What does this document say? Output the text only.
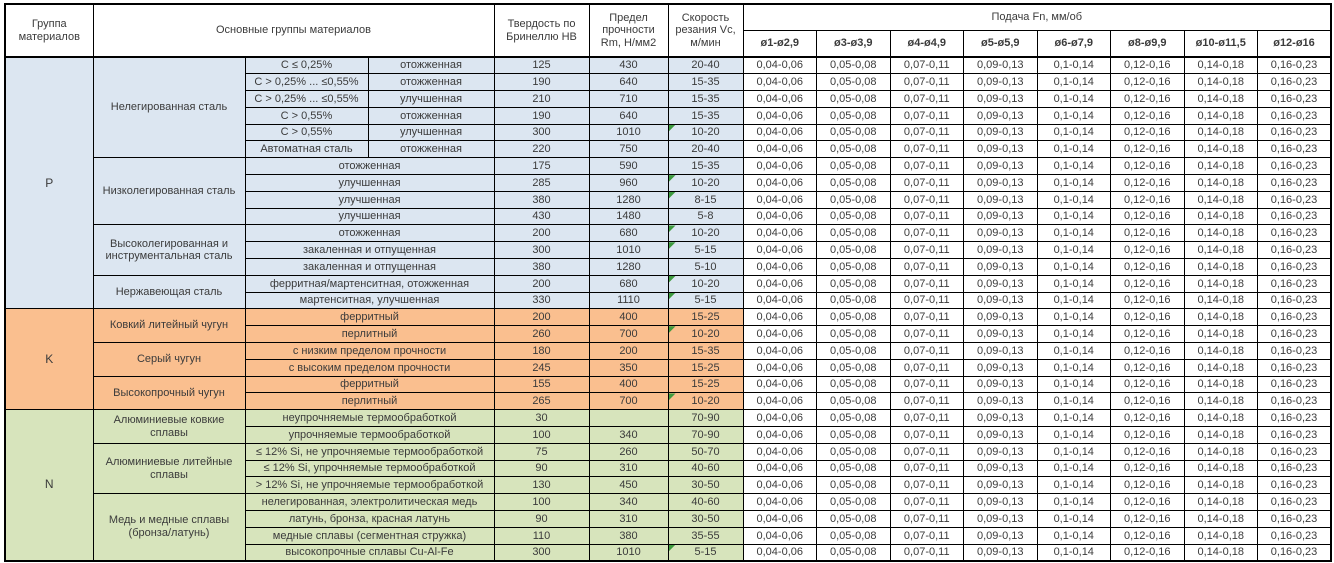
Группа материалов	Основные группы материалов			Твердость по Бринеллю HB	Предел прочности Rm, Н/мм2	Скорость резания Vc, м/мин	Подача Fn, мм/об							
							ø1-ø2,9	ø3-ø3,9	ø4-ø4,9	ø5-ø5,9	ø6-ø7,9	ø8-ø9,9	ø10-ø11,5	ø12-ø16
P	Нелегированная сталь	C ≤ 0,25%	отожженная	125	430	20-40	0,04-0,06	0,05-0,08	0,07-0,11	0,09-0,13	0,1-0,14	0,12-0,16	0,14-0,18	0,16-0,23
		C > 0,25% ... ≤0,55%	отожженная	190	640	15-35	0,04-0,06	0,05-0,08	0,07-0,11	0,09-0,13	0,1-0,14	0,12-0,16	0,14-0,18	0,16-0,23
		C > 0,25% ... ≤0,55%	улучшенная	210	710	15-35	0,04-0,06	0,05-0,08	0,07-0,11	0,09-0,13	0,1-0,14	0,12-0,16	0,14-0,18	0,16-0,23
		C > 0,55%	отожженная	190	640	15-35	0,04-0,06	0,05-0,08	0,07-0,11	0,09-0,13	0,1-0,14	0,12-0,16	0,14-0,18	0,16-0,23
		C > 0,55%	улучшенная	300	1010	10-20	0,04-0,06	0,05-0,08	0,07-0,11	0,09-0,13	0,1-0,14	0,12-0,16	0,14-0,18	0,16-0,23
		Автоматная сталь	отожженная	220	750	20-40	0,04-0,06	0,05-0,08	0,07-0,11	0,09-0,13	0,1-0,14	0,12-0,16	0,14-0,18	0,16-0,23
	Низколегированная сталь	отожженная		175	590	15-35	0,04-0,06	0,05-0,08	0,07-0,11	0,09-0,13	0,1-0,14	0,12-0,16	0,14-0,18	0,16-0,23
		улучшенная		285	960	10-20	0,04-0,06	0,05-0,08	0,07-0,11	0,09-0,13	0,1-0,14	0,12-0,16	0,14-0,18	0,16-0,23
		улучшенная		380	1280	8-15	0,04-0,06	0,05-0,08	0,07-0,11	0,09-0,13	0,1-0,14	0,12-0,16	0,14-0,18	0,16-0,23
		улучшенная		430	1480	5-8	0,04-0,06	0,05-0,08	0,07-0,11	0,09-0,13	0,1-0,14	0,12-0,16	0,14-0,18	0,16-0,23
	Высоколегированная и инструментальная сталь	отожженная		200	680	10-20	0,04-0,06	0,05-0,08	0,07-0,11	0,09-0,13	0,1-0,14	0,12-0,16	0,14-0,18	0,16-0,23
		закаленная и отпущенная		300	1010	5-15	0,04-0,06	0,05-0,08	0,07-0,11	0,09-0,13	0,1-0,14	0,12-0,16	0,14-0,18	0,16-0,23
		закаленная и отпущенная		380	1280	5-10	0,04-0,06	0,05-0,08	0,07-0,11	0,09-0,13	0,1-0,14	0,12-0,16	0,14-0,18	0,16-0,23
	Нержавеющая сталь	ферритная/мартенситная, отожженная		200	680	10-20	0,04-0,06	0,05-0,08	0,07-0,11	0,09-0,13	0,1-0,14	0,12-0,16	0,14-0,18	0,16-0,23
		мартенситная, улучшенная		330	1110	5-15	0,04-0,06	0,05-0,08	0,07-0,11	0,09-0,13	0,1-0,14	0,12-0,16	0,14-0,18	0,16-0,23
K	Ковкий литейный чугун	ферритный		200	400	15-25	0,04-0,06	0,05-0,08	0,07-0,11	0,09-0,13	0,1-0,14	0,12-0,16	0,14-0,18	0,16-0,23
		перлитный		260	700	10-20	0,04-0,06	0,05-0,08	0,07-0,11	0,09-0,13	0,1-0,14	0,12-0,16	0,14-0,18	0,16-0,23
	Серый чугун	с низким пределом прочности		180	200	15-35	0,04-0,06	0,05-0,08	0,07-0,11	0,09-0,13	0,1-0,14	0,12-0,16	0,14-0,18	0,16-0,23
		с высоким пределом прочности		245	350	15-25	0,04-0,06	0,05-0,08	0,07-0,11	0,09-0,13	0,1-0,14	0,12-0,16	0,14-0,18	0,16-0,23
	Высокопрочный чугун	ферритный		155	400	15-25	0,04-0,06	0,05-0,08	0,07-0,11	0,09-0,13	0,1-0,14	0,12-0,16	0,14-0,18	0,16-0,23
		перлитный		265	700	10-20	0,04-0,06	0,05-0,08	0,07-0,11	0,09-0,13	0,1-0,14	0,12-0,16	0,14-0,18	0,16-0,23
N	Алюминиевые ковкие сплавы	неупрочняемые термообработкой		30		70-90	0,04-0,06	0,05-0,08	0,07-0,11	0,09-0,13	0,1-0,14	0,12-0,16	0,14-0,18	0,16-0,23
		упрочняемые термообработкой		100	340	70-90	0,04-0,06	0,05-0,08	0,07-0,11	0,09-0,13	0,1-0,14	0,12-0,16	0,14-0,18	0,16-0,23
	Алюминиевые литейные сплавы	≤ 12% Si, не упрочняемые термообработкой		75	260	50-70	0,04-0,06	0,05-0,08	0,07-0,11	0,09-0,13	0,1-0,14	0,12-0,16	0,14-0,18	0,16-0,23
		≤ 12% Si, упрочняемые термообработкой		90	310	40-60	0,04-0,06	0,05-0,08	0,07-0,11	0,09-0,13	0,1-0,14	0,12-0,16	0,14-0,18	0,16-0,23
		> 12% Si, не упрочняемые термообработкой		130	450	30-50	0,04-0,06	0,05-0,08	0,07-0,11	0,09-0,13	0,1-0,14	0,12-0,16	0,14-0,18	0,16-0,23
	Медь и медные сплавы (бронза/латунь)	нелегированная, электролитическая медь		100	340	40-60	0,04-0,06	0,05-0,08	0,07-0,11	0,09-0,13	0,1-0,14	0,12-0,16	0,14-0,18	0,16-0,23
		латунь, бронза, красная латунь		90	310	30-50	0,04-0,06	0,05-0,08	0,07-0,11	0,09-0,13	0,1-0,14	0,12-0,16	0,14-0,18	0,16-0,23
		медные сплавы (сегментная стружка)		110	380	35-55	0,04-0,06	0,05-0,08	0,07-0,11	0,09-0,13	0,1-0,14	0,12-0,16	0,14-0,18	0,16-0,23
		высокопрочные сплавы Cu-Al-Fe		300	1010	5-15	0,04-0,06	0,05-0,08	0,07-0,11	0,09-0,13	0,1-0,14	0,12-0,16	0,14-0,18	0,16-0,23
